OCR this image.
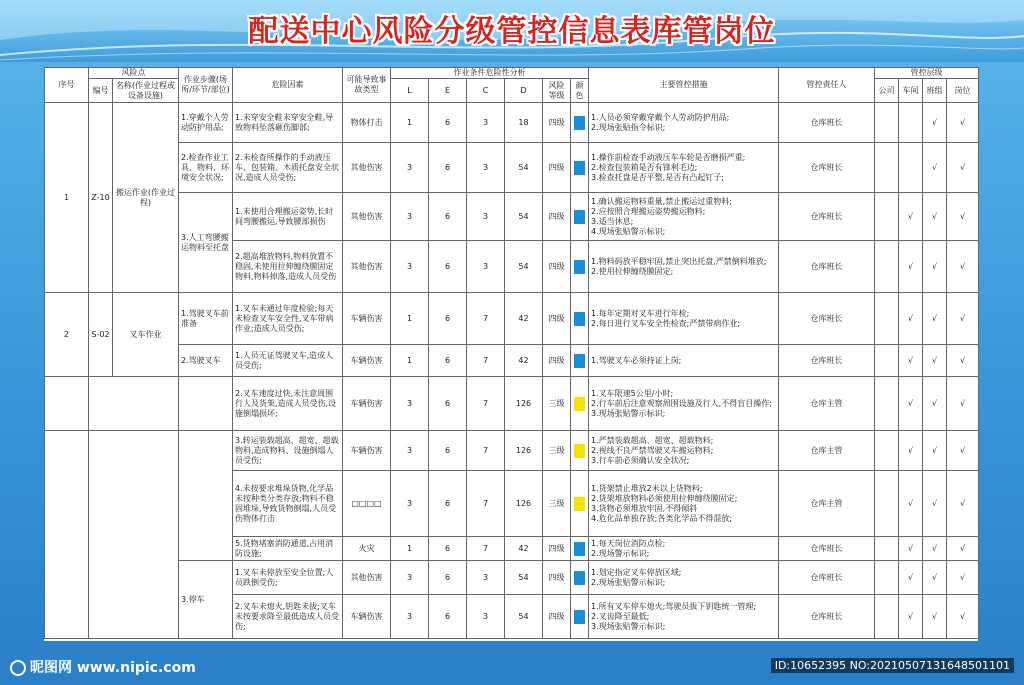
配送中心风险分级管控信息表库管岗位
序号	风险点		作业步骤(场所/环节/部位)	危险因素	可能导致事故类型	作业条件危险性分析						主要管控措施	管控责任人	管控层级			
	编号	名称(作业过程或设备设施)				L	E	C	D	风险等级	颜色			公司	车间	班组	岗位
1	Z-10	搬运作业(作业过程)	1.穿戴个人劳动防护用品;	1.未穿安全鞋未穿安全鞋,导致物料坠落砸伤脚部;	物体打击	1	6	3	18	四级		1.人员必须穿戴穿戴个人劳动防护用品;
2.现场张贴指令标识;	仓库班长			√	√
			2.检查作业工具、物料、环境安全状况;	2.未检查所操作的手动液压车、包装箱、木质托盘安全状况,造成人员受伤;	其他伤害	3	6	3	54	四级		1.操作前检查手动液压车车轮是否磨损严重;
2.检查包装箱是否有锋利毛边;
3.检查托盘是否平整,是否有凸起钉子;	仓库班长			√	√
			3.人工弯腰搬运物料至托盘	1.未使用合理搬运姿势,长时间弯腰搬运,导致腰部损伤	其他伤害	3	6	3	54	四级		1.确认搬运物料重量,禁止搬运过重物料;
2.应按照合理搬运姿势搬运物料;
3.适当休息;
4.现场张贴警示标识;	仓库班长		√	√	√
				2.超高堆放物料,物料放置不稳固,未使用拉伸缠绕膜固定物料,物料掉落,造成人员受伤	其他伤害	3	6	3	54	四级		1.物料码放平稳牢固,禁止突出托盘,严禁倒料堆放;
2.使用拉伸缠绕膜固定;	仓库班长		√	√	√
2	S-02	叉车作业	1.驾驶叉车前准备	1.叉车未通过年度检验;每天未检查叉车安全性,叉车带病作业;造成人员受伤;	车辆伤害	1	6	7	42	四级		1.每年定期对叉车进行年检;
2.每日进行叉车安全性检查;严禁带病作业;	仓库班长		√	√	√
			2.驾驶叉车	1.人员无证驾驶叉车,造成人员受伤;	车辆伤害	1	6	7	42	四级		1.驾驶叉车必须持证上岗;	仓库班长		√	√	√
				2.叉车速度过快,未注意周围行人及货架,造成人员受伤,设施倒塌损坏;	车辆伤害	3	6	7	126	三级		1.叉车限速5公里/小时;
2.行车前后注意观察周围设施及行人,不得盲目操作;
3.现场张贴警示标识;	仓库主管		√	√	√
				3.转运装载超高、超宽、超载物料,造成物料、设施倒塌人员受伤;	车辆伤害	3	6	7	126	三级		1.严禁装载超高、超宽、超载物料;
2.视线不良严禁驾驶叉车搬运物料;
3.行车前必须确认安全状况;	仓库主管		√	√	√
				4.未按要求堆垛货物,化学品未按种类分类存放;物料不稳固堆垛,导致货物倒塌,人员受伤物体打击	□□□□	3	6	7	126	三级		1.货架禁止堆放2米以上货物料;
2.货架堆放物料必须使用拉伸缠绕膜固定;
3.货物必须堆放牢固,不得倾斜
4.危化品单独存放;各类化学品不得混放;	仓库主管		√	√	√
				5.货物堵塞消防通道,占用消防设施;	火灾	1	6	7	42	四级		1.每天岗位消防点检;
2.现场警示标识;	仓库班长		√	√	√
			3.停车	1.叉车未停放至安全位置;人员跌倒受伤;	其他伤害	3	6	3	54	四级		1.划定指定叉车停放区域;
2.现场张贴警示标识;	仓库班长		√	√	√
				2.叉车未熄火,钥匙未拔;叉车未按要求降至最低造成人员受伤;	车辆伤害	3	6	3	54	四级		1.所有叉车停车熄火;驾驶员拔下钥匙统一管理;
2.叉齿降至最低;
3.现场张贴警示标识;	仓库班长		√	√	√
昵图网 www.nipic.com	ID:10652395 NO:20210507131648501101
